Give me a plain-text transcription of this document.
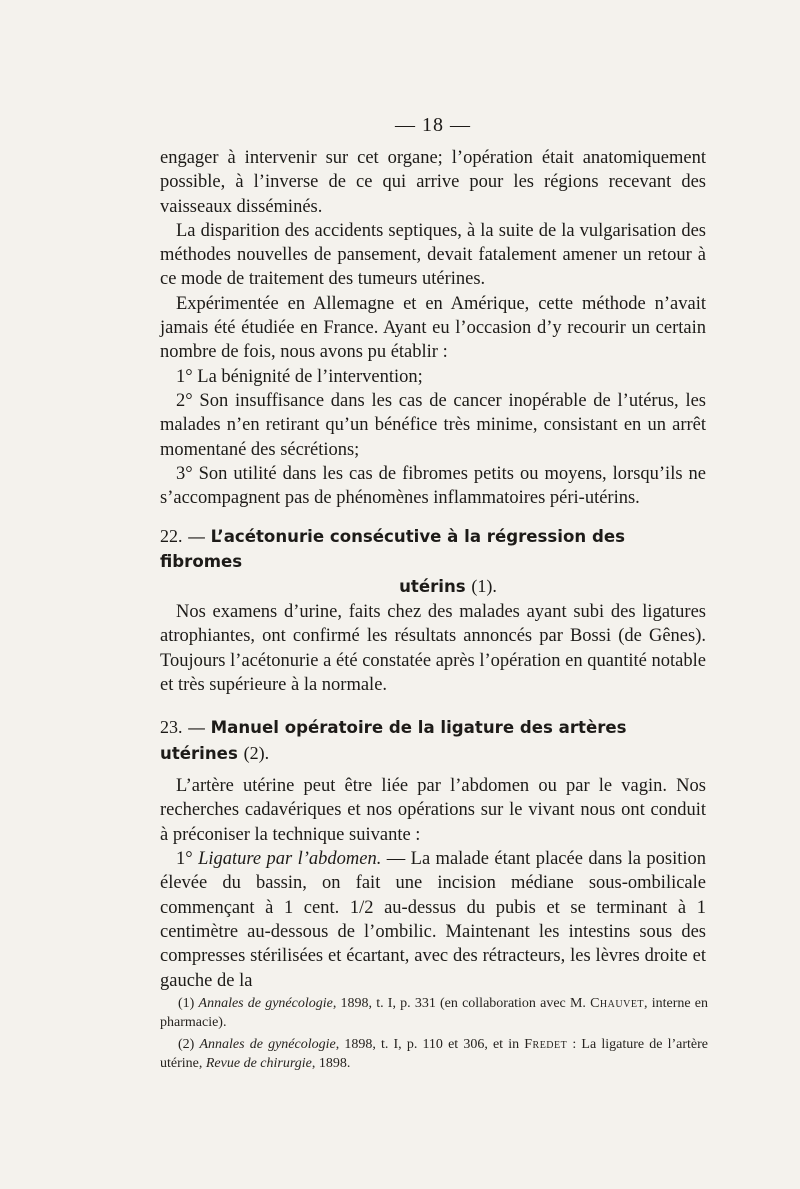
— 18 —

engager à intervenir sur cet organe; l’opération était anatomiquement possible, à l’inverse de ce qui arrive pour les régions recevant des vaisseaux disséminés.

La disparition des accidents septiques, à la suite de la vulgarisation des méthodes nouvelles de pansement, devait fatalement amener un retour à ce mode de traitement des tumeurs utérines.

Expérimentée en Allemagne et en Amérique, cette méthode n’avait jamais été étudiée en France. Ayant eu l’occasion d’y recourir un certain nombre de fois, nous avons pu établir :

1° La bénignité de l’intervention;

2° Son insuffisance dans les cas de cancer inopérable de l’utérus, les malades n’en retirant qu’un bénéfice très minime, consistant en un arrêt momentané des sécrétions;

3° Son utilité dans les cas de fibromes petits ou moyens, lorsqu’ils ne s’accompagnent pas de phénomènes inflammatoires péri-utérins.

22. — L’acétonurie consécutive à la régression des fibromes
utérins (1).

Nos examens d’urine, faits chez des malades ayant subi des ligatures atrophiantes, ont confirmé les résultats annoncés par Bossi (de Gênes). Toujours l’acétonurie a été constatée après l’opération en quantité notable et très supérieure à la normale.

23. — Manuel opératoire de la ligature des artères utérines (2).

L’artère utérine peut être liée par l’abdomen ou par le vagin. Nos recherches cadavériques et nos opérations sur le vivant nous ont conduit à préconiser la technique suivante :

1° Ligature par l’abdomen. — La malade étant placée dans la position élevée du bassin, on fait une incision médiane sous-ombilicale commençant à 1 cent. 1/2 au-dessus du pubis et se terminant à 1 centimètre au-dessous de l’ombilic. Maintenant les intestins sous des compresses stérilisées et écartant, avec des rétracteurs, les lèvres droite et gauche de la

(1) Annales de gynécologie, 1898, t. I, p. 331 (en collaboration avec M. Chauvet, interne en pharmacie).

(2) Annales de gynécologie, 1898, t. I, p. 110 et 306, et in Fredet : La ligature de l’artère utérine, Revue de chirurgie, 1898.
